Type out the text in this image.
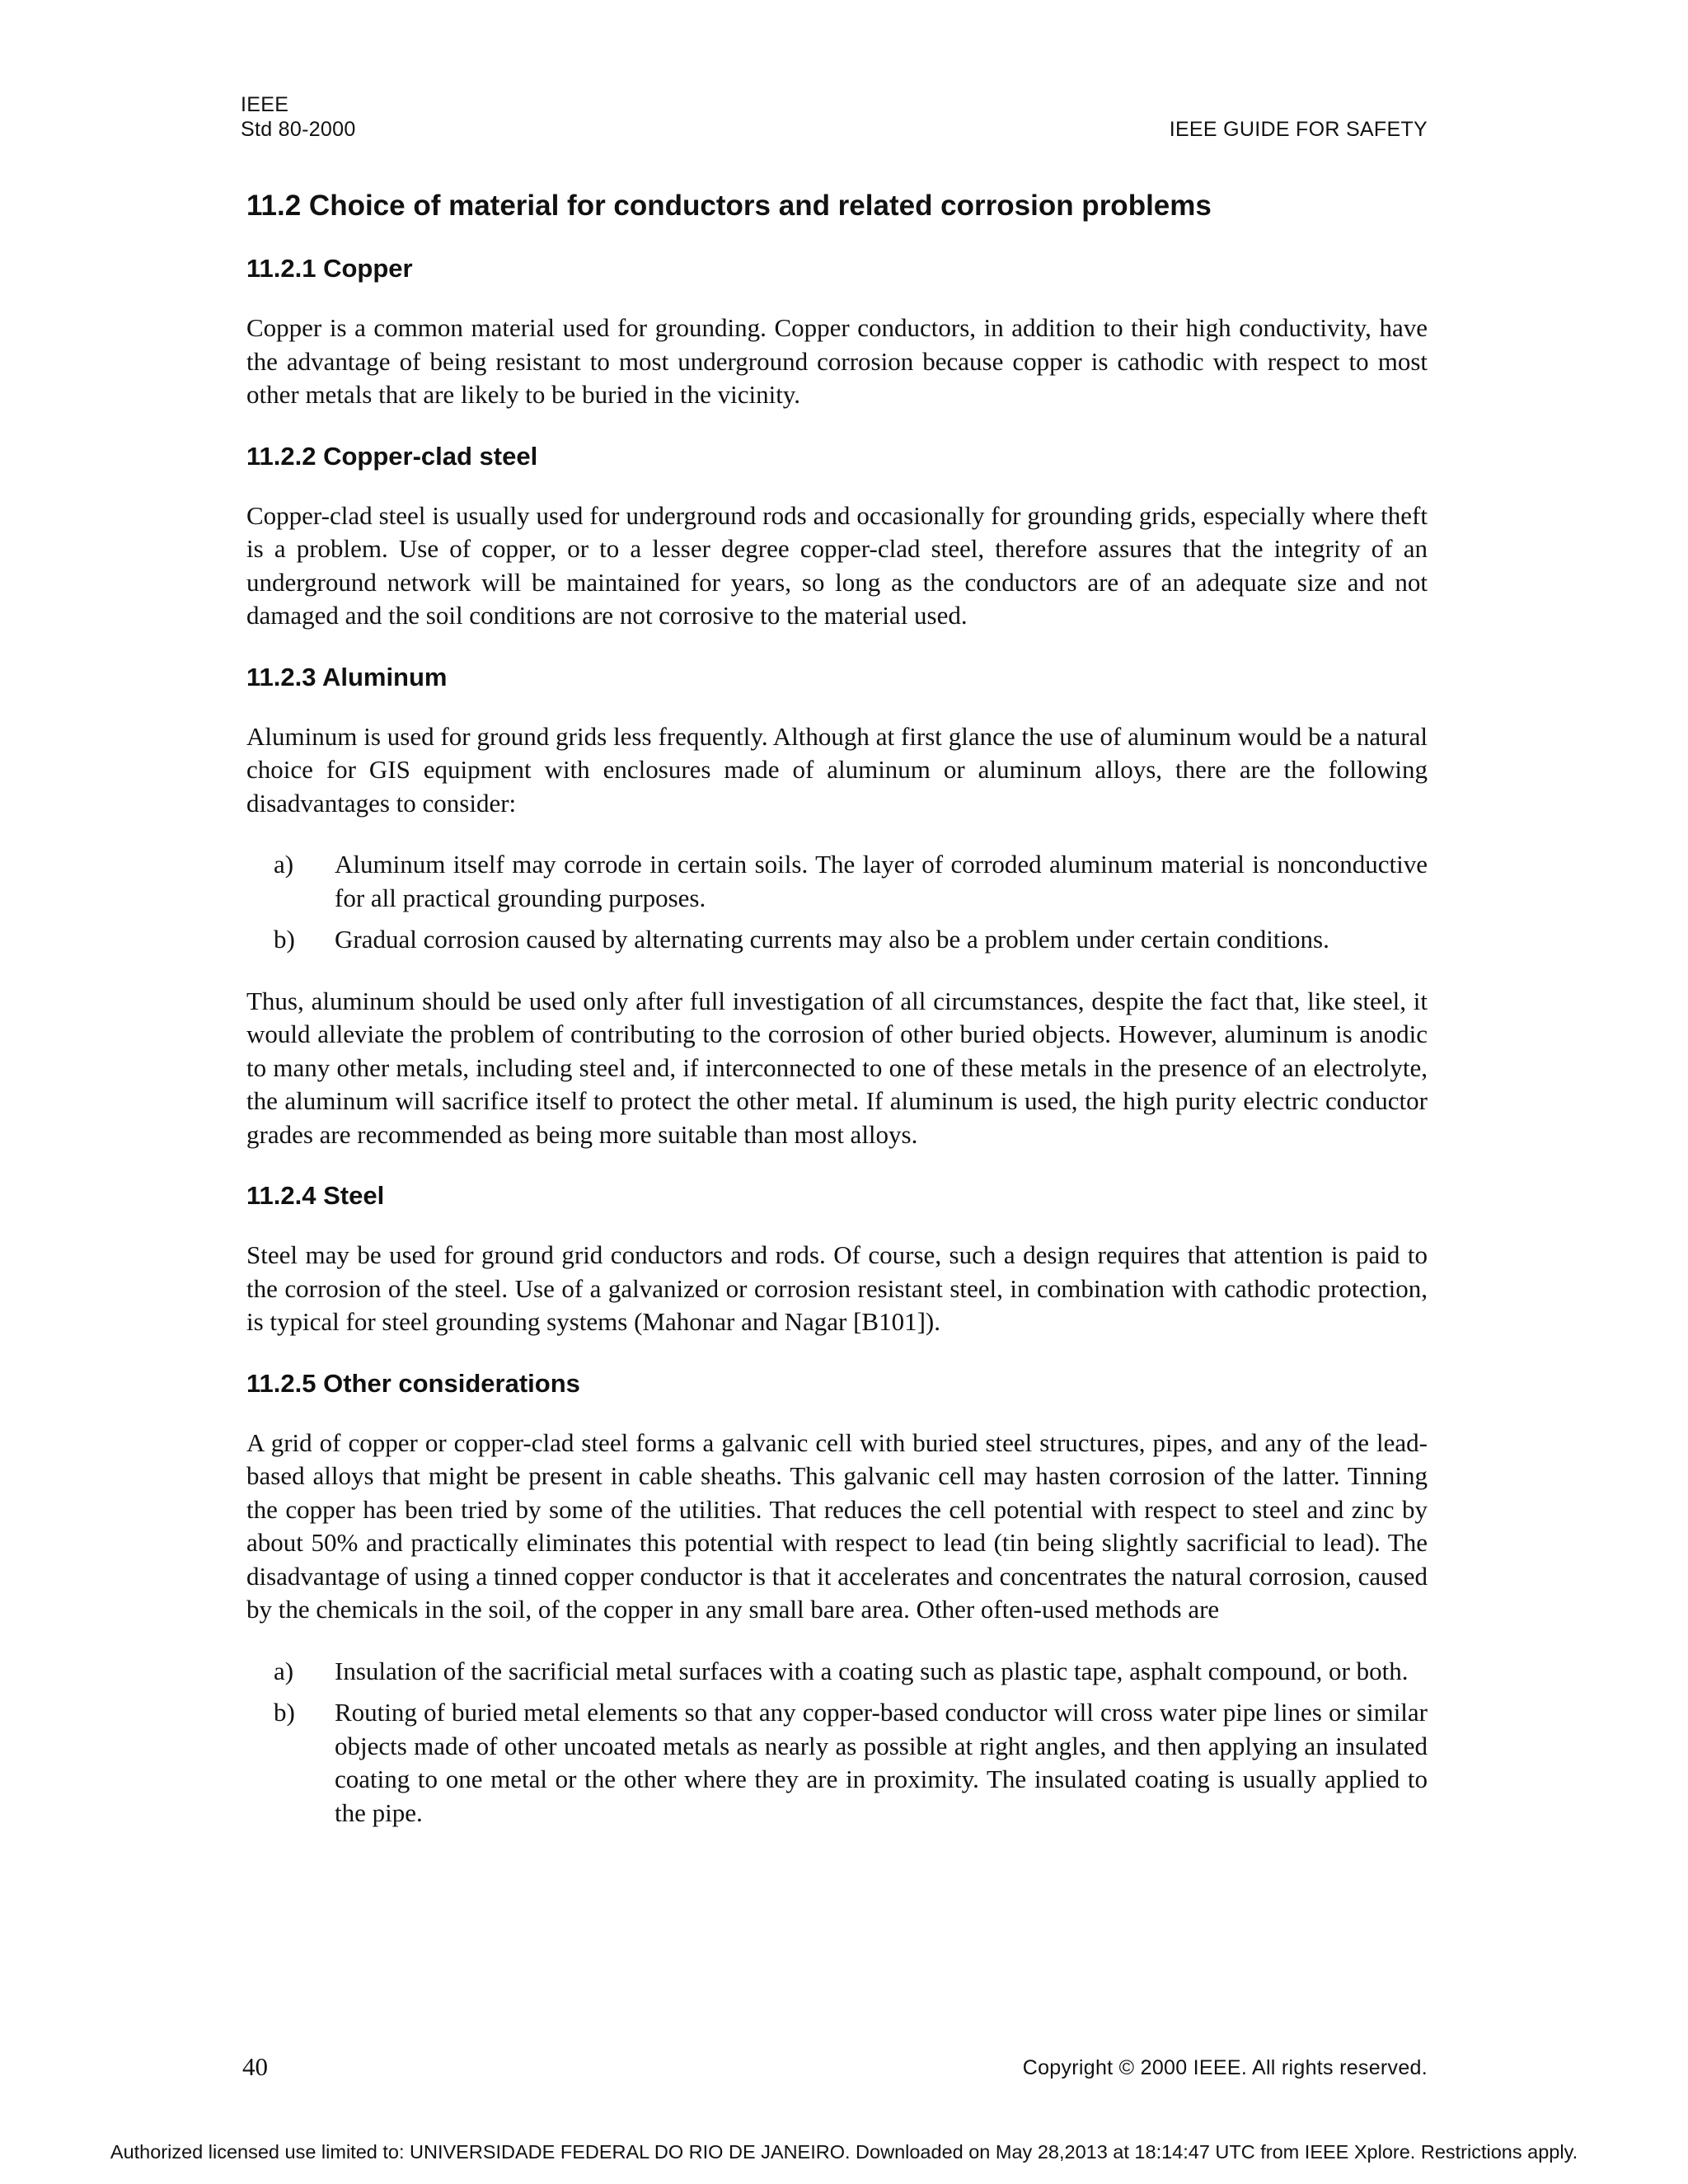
IEEE
Std 80-2000	IEEE GUIDE FOR SAFETY
11.2 Choice of material for conductors and related corrosion problems
11.2.1 Copper

Copper is a common material used for grounding. Copper conductors, in addition to their high conductivity, have the advantage of being resistant to most underground corrosion because copper is cathodic with respect to most other metals that are likely to be buried in the vicinity.

11.2.2 Copper-clad steel

Copper-clad steel is usually used for underground rods and occasionally for grounding grids, especially where theft is a problem. Use of copper, or to a lesser degree copper-clad steel, therefore assures that the integrity of an underground network will be maintained for years, so long as the conductors are of an adequate size and not damaged and the soil conditions are not corrosive to the material used.

11.2.3 Aluminum

Aluminum is used for ground grids less frequently. Although at first glance the use of aluminum would be a natural choice for GIS equipment with enclosures made of aluminum or aluminum alloys, there are the following disadvantages to consider:

a)	Aluminum itself may corrode in certain soils. The layer of corroded aluminum material is nonconductive for all practical grounding purposes.
b)	Gradual corrosion caused by alternating currents may also be a problem under certain conditions.

Thus, aluminum should be used only after full investigation of all circumstances, despite the fact that, like steel, it would alleviate the problem of contributing to the corrosion of other buried objects. However, aluminum is anodic to many other metals, including steel and, if interconnected to one of these metals in the presence of an electrolyte, the aluminum will sacrifice itself to protect the other metal. If aluminum is used, the high purity electric conductor grades are recommended as being more suitable than most alloys.

11.2.4 Steel

Steel may be used for ground grid conductors and rods. Of course, such a design requires that attention is paid to the corrosion of the steel. Use of a galvanized or corrosion resistant steel, in combination with cathodic protection, is typical for steel grounding systems (Mahonar and Nagar [B101]).

11.2.5 Other considerations

A grid of copper or copper-clad steel forms a galvanic cell with buried steel structures, pipes, and any of the lead-based alloys that might be present in cable sheaths. This galvanic cell may hasten corrosion of the latter. Tinning the copper has been tried by some of the utilities. That reduces the cell potential with respect to steel and zinc by about 50% and practically eliminates this potential with respect to lead (tin being slightly sacrificial to lead). The disadvantage of using a tinned copper conductor is that it accelerates and concentrates the natural corrosion, caused by the chemicals in the soil, of the copper in any small bare area. Other often-used methods are

a)	Insulation of the sacrificial metal surfaces with a coating such as plastic tape, asphalt compound, or both.
b)	Routing of buried metal elements so that any copper-based conductor will cross water pipe lines or similar objects made of other uncoated metals as nearly as possible at right angles, and then applying an insulated coating to one metal or the other where they are in proximity. The insulated coating is usually applied to the pipe.
40	Copyright © 2000 IEEE. All rights reserved.
Authorized licensed use limited to: UNIVERSIDADE FEDERAL DO RIO DE JANEIRO. Downloaded on May 28,2013 at 18:14:47 UTC from IEEE Xplore. Restrictions apply.
